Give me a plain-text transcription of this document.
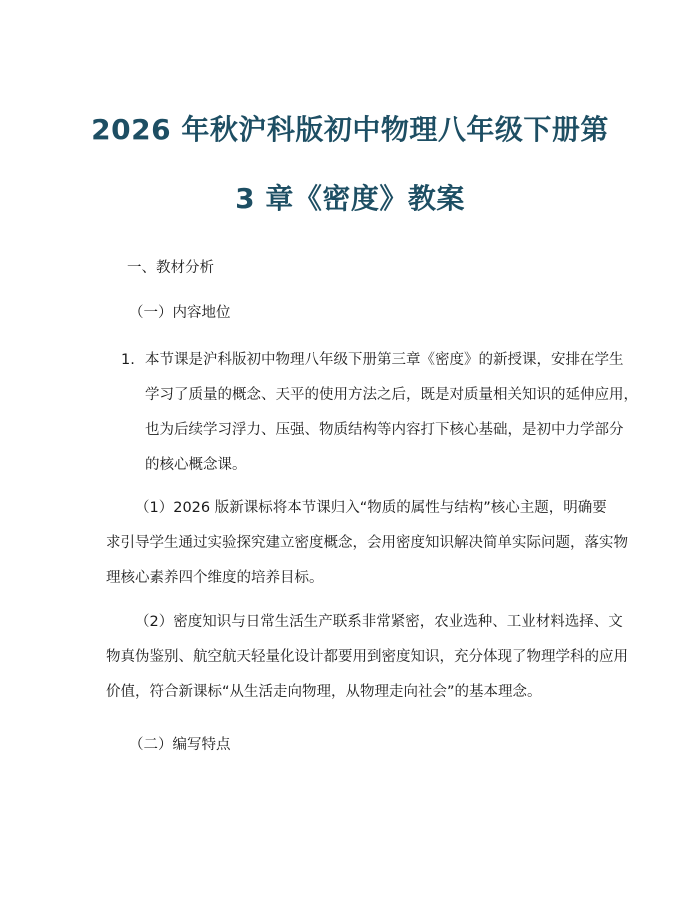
2026 年秋沪科版初中物理八年级下册第
3 章《密度》教案
一、教材分析
（一）内容地位
1. 本节课是沪科版初中物理八年级下册第三章《密度》的新授课，安排在学生
学习了质量的概念、天平的使用方法之后，既是对质量相关知识的延伸应用，
也为后续学习浮力、压强、物质结构等内容打下核心基础，是初中力学部分
的核心概念课。
（1）2026 版新课标将本节课归入“物质的属性与结构”核心主题，明确要
求引导学生通过实验探究建立密度概念，会用密度知识解决简单实际问题，落实物
理核心素养四个维度的培养目标。
（2）密度知识与日常生活生产联系非常紧密，农业选种、工业材料选择、文
物真伪鉴别、航空航天轻量化设计都要用到密度知识，充分体现了物理学科的应用
价值，符合新课标“从生活走向物理，从物理走向社会”的基本理念。
（二）编写特点
